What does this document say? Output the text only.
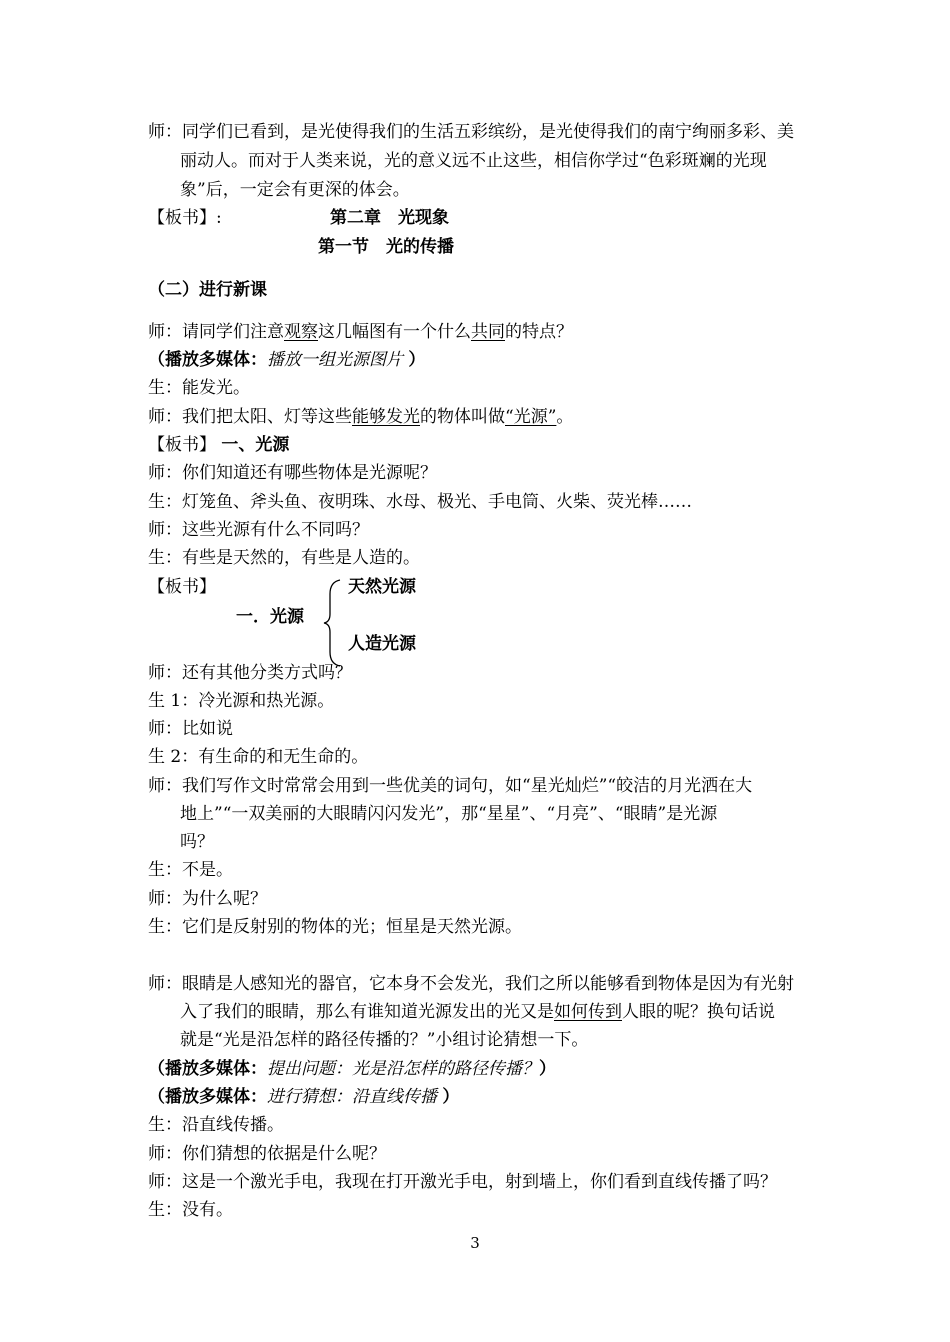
师：同学们已看到，是光使得我们的生活五彩缤纷，是光使得我们的南宁绚丽多彩、美
丽动人。而对于人类来说，光的意义远不止这些，相信你学过“色彩斑斓的光现
象”后，一定会有更深的体会。
【板书】:	第二章　光现象
第一节　光的传播
（二）进行新课
师：请同学们注意观察这几幅图有一个什么共同的特点？
（播放多媒体：播放一组光源图片 ）
生：能发光。
师：我们把太阳、灯等这些能够发光的物体叫做“光源”。
【板书】 一、光源
师：你们知道还有哪些物体是光源呢？
生：灯笼鱼、斧头鱼、夜明珠、水母、极光、手电筒、火柴、荧光棒……
师：这些光源有什么不同吗？
生：有些是天然的，有些是人造的。
【板书】
一．光源
天然光源
人造光源
师：还有其他分类方式吗？
生 1：冷光源和热光源。
师：比如说
生 2：有生命的和无生命的。
师：我们写作文时常常会用到一些优美的词句，如“星光灿烂”“皎洁的月光洒在大
地上”“一双美丽的大眼睛闪闪发光”，那“星星”、“月亮”、“眼睛”是光源
吗？
生：不是。
师：为什么呢？
生：它们是反射别的物体的光；恒星是天然光源。
师：眼睛是人感知光的器官，它本身不会发光，我们之所以能够看到物体是因为有光射
入了我们的眼睛，那么有谁知道光源发出的光又是如何传到人眼的呢？换句话说
就是“光是沿怎样的路径传播的？”小组讨论猜想一下。
（播放多媒体：提出问题：光是沿怎样的路径传播？）
（播放多媒体：进行猜想：沿直线传播 ）
生：沿直线传播。
师：你们猜想的依据是什么呢？
师：这是一个激光手电，我现在打开激光手电，射到墙上，你们看到直线传播了吗？
生：没有。
3
